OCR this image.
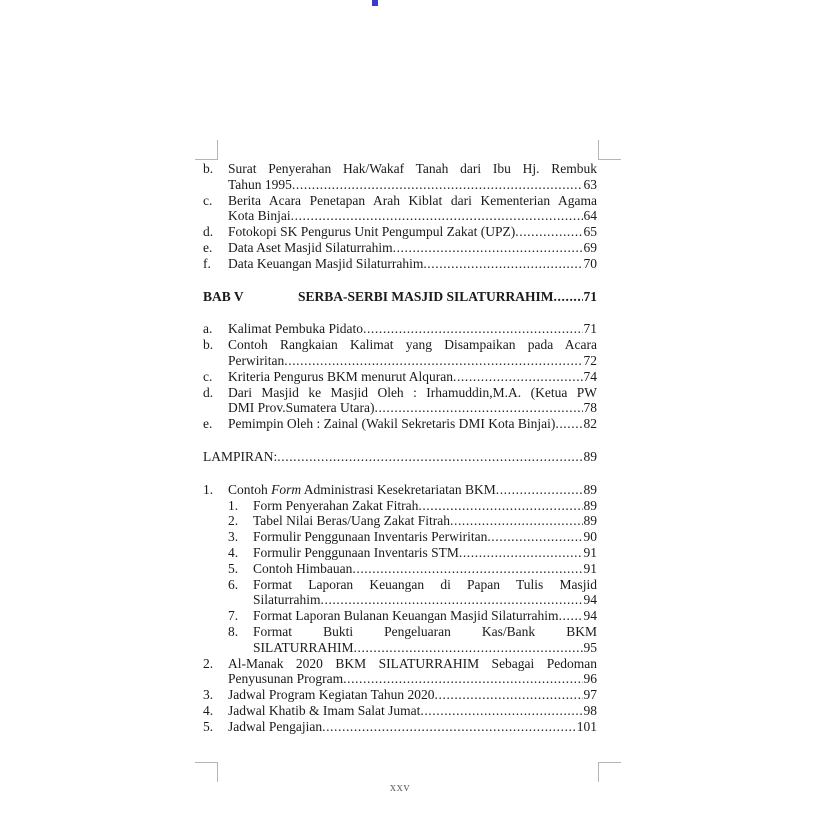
b.	Surat Penyerahan Hak/Wakaf Tanah dari Ibu Hj. Rembuk
Tahun 1995 .....	63
c.	Berita Acara Penetapan Arah Kiblat dari Kementerian Agama
Kota Binjai .....	64
d.	Fotokopi SK Pengurus Unit Pengumpul Zakat (UPZ) .....	65
e.	Data Aset Masjid Silaturrahim .....	69
f.	Data Keuangan Masjid Silaturrahim .....	70
BAB V	SERBA-SERBI MASJID SILATURRAHIM ..... 71
a.	Kalimat Pembuka Pidato .....	71
b.	Contoh Rangkaian Kalimat yang Disampaikan pada Acara
Perwiritan .....	72
c.	Kriteria Pengurus BKM menurut Alquran .....	74
d.	Dari Masjid ke Masjid Oleh : Irhamuddin,M.A. (Ketua PW
DMI Prov.Sumatera Utara) .....	78
e.	Pemimpin Oleh : Zainal (Wakil Sekretaris DMI Kota Binjai) ..... 82
LAMPIRAN: .....	89
1.	Contoh Form Administrasi Kesekretariatan BKM .....	89
1.	Form Penyerahan Zakat Fitrah .....	89
2.	Tabel Nilai Beras/Uang Zakat Fitrah .....	89
3.	Formulir Penggunaan Inventaris Perwiritan .....	90
4.	Formulir Penggunaan Inventaris STM .....	91
5.	Contoh Himbauan .....	91
6.	Format Laporan Keuangan di Papan Tulis Masjid
Silaturrahim .....	94
7.	Format Laporan Bulanan Keuangan Masjid Silaturrahim ..... 94
8.	Format Bukti Pengeluaran Kas/Bank BKM
SILATURRAHIM .....	95
2.	Al-Manak 2020 BKM SILATURRAHIM Sebagai Pedoman
Penyusunan Program .....	96
3.	Jadwal Program Kegiatan Tahun 2020 .....	97
4.	Jadwal Khatib & Imam Salat Jumat .....	98
5.	Jadwal Pengajian .....	101
xxv
